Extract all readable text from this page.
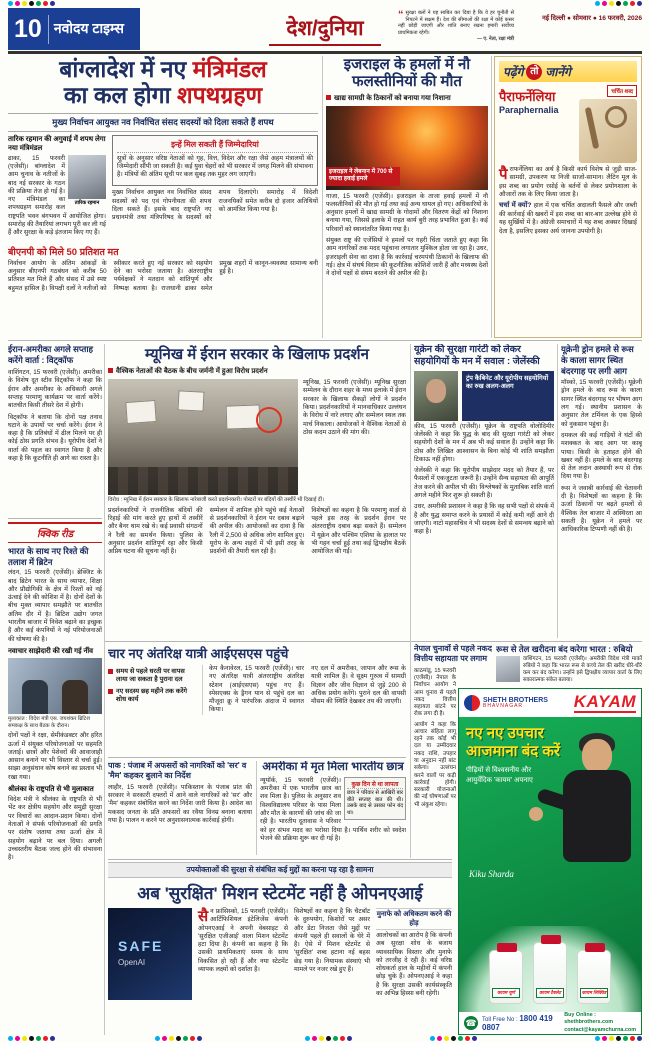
10 नवोदय टाइम्स	देश/दुनिया
“ सुरक्षा बलों ने यह साबित कर दिया है कि वे हर चुनौती से निपटने में सक्षम हैं। देश की सीमाओं की रक्षा में कोई कसर नहीं छोड़ी जाएगी और शांति बनाए रखना हमारी सर्वोच्च प्राथमिकता रहेगी।
— ए. नेता, रक्षा मंत्री
नई दिल्ली ● सोमवार ● 16 फरवरी, 2026
बांग्लादेश में नए मंत्रिमंडल
का कल होगा शपथग्रहण
मुख्य निर्वाचन आयुक्त नव निर्वाचित संसद सदस्यों को दिला सकते हैं शपथ

तारिक रहमान की अगुवाई में शपथ लेगा नया मंत्रिमंडल

तारिक रहमान

ढाका, 15 फरवरी (एजेंसी)। बांग्लादेश में आम चुनाव के नतीजों के बाद नई सरकार के गठन की प्रक्रिया तेज हो गई है। नए मंत्रिमंडल का शपथग्रहण समारोह कल राष्ट्रपति भवन बंगभवन में आयोजित होगा। समारोह की तैयारियां लगभग पूरी कर ली गई हैं और सुरक्षा के कड़े इंतजाम किए गए हैं।

इन्हें मिल सकती हैं जिम्मेदारियां

सूत्रों के अनुसार वरिष्ठ नेताओं को गृह, वित्त, विदेश और रक्षा जैसे अहम मंत्रालयों की जिम्मेदारी सौंपी जा सकती है। कई युवा चेहरों को भी सरकार में जगह मिलने की संभावना है। मंत्रियों की अंतिम सूची पर कल सुबह तक मुहर लग जाएगी।

मुख्य निर्वाचन आयुक्त नव निर्वाचित संसद सदस्यों को पद एवं गोपनीयता की शपथ दिला सकते हैं। इसके बाद राष्ट्रपति नए प्रधानमंत्री तथा मंत्रिपरिषद के सदस्यों को शपथ दिलाएंगे। समारोह में विदेशी राजनयिकों समेत करीब दो हजार अतिथियों को आमंत्रित किया गया है।

बीएनपी को मिले 50 प्रतिशत मत

निर्वाचन आयोग के अंतिम आंकड़ों के अनुसार बीएनपी गठबंधन को करीब 50 प्रतिशत मत मिले हैं और संसद में उसे स्पष्ट बहुमत हासिल है। विपक्षी दलों ने नतीजों को स्वीकार करते हुए नई सरकार को सहयोग देने का भरोसा जताया है। अंतरराष्ट्रीय पर्यवेक्षकों ने मतदान को शांतिपूर्ण और निष्पक्ष बताया है। राजधानी ढाका समेत प्रमुख शहरों में कानून-व्यवस्था सामान्य बनी हुई है।

इजराइल के हमलों में नौ फलस्तीनियों की मौत
खाद्य सामग्री के ठिकानों को बनाया गया निशाना
इजराइल ने लेबनान में 700 से ज्यादा हवाई हमले

गाजा, 15 फरवरी (एजेंसी)। इजराइल के ताजा हवाई हमलों में नौ फलस्तीनियों की मौत हो गई तथा कई अन्य घायल हो गए। अधिकारियों के अनुसार हमलों में खाद्य सामग्री के गोदामों और वितरण केंद्रों को निशाना बनाया गया, जिससे इलाके में राहत कार्य बुरी तरह प्रभावित हुआ है। कई परिवारों को स्थानांतरित किया गया है।

संयुक्त राष्ट्र की एजेंसियों ने हमलों पर गहरी चिंता जताते हुए कहा कि आम नागरिकों तक मदद पहुंचाना लगातार मुश्किल होता जा रहा है। उधर, इजराइली सेना का दावा है कि कार्रवाई चरमपंथी ठिकानों के खिलाफ की गई। क्षेत्र में संघर्ष विराम की कूटनीतिक कोशिशें जारी हैं और मध्यस्थ देशों ने दोनों पक्षों से संयम बरतने की अपील की है।

पढ़ेंगे तो जानेंगे
पैराफर्नेलिया
Paraphernalia
चर्चित शब्द

पैराफर्नेलिया का अर्थ है किसी कार्य विशेष से जुड़ी साज-सामग्री, उपकरण या निजी साजो-सामान। लैटिन मूल के इस शब्द का प्रयोग रसोई के बर्तनों से लेकर प्रयोगशाला के औजारों तक के लिए किया जाता है।

चर्चा में क्यों? हाल में एक चर्चित अदालती फैसले और जब्ती की कार्रवाई की खबरों में इस शब्द का बार-बार उल्लेख होने से यह सुर्खियों में है। अंग्रेजी समाचारों में यह शब्द अक्सर दिखाई देता है, इसलिए इसका अर्थ जानना उपयोगी है।

ईरान-अमरीका अगले सप्ताह करेंगे वार्ता : विट्कॉफ

वाशिंगटन, 15 फरवरी (एजेंसी)। अमरीका के विशेष दूत स्टीव विट्कॉफ ने कहा कि ईरान और अमरीका के अधिकारी अगले सप्ताह परमाणु कार्यक्रम पर वार्ता करेंगे। बातचीत किसी तीसरे देश में होगी।

विट्कॉफ ने बताया कि दोनों पक्ष तनाव घटाने के उपायों पर चर्चा करेंगे। ईरान ने कहा है कि प्रतिबंधों में ढील मिलने पर ही कोई ठोस प्रगति संभव है। यूरोपीय देशों ने वार्ता की पहल का स्वागत किया है और कहा है कि कूटनीति ही आगे का रास्ता है।

क्विक रीड
भारत के साथ नए रिश्ते की तलाश में ब्रिटेन

लंदन, 15 फरवरी (एजेंसी)। ब्रेक्जिट के बाद ब्रिटेन भारत के साथ व्यापार, शिक्षा और प्रौद्योगिकी के क्षेत्र में रिश्तों को नई ऊंचाई देने की कोशिश में है। दोनों देशों के बीच मुक्त व्यापार समझौते पर बातचीत अंतिम दौर में है। ब्रिटिश उद्योग जगत भारतीय बाजार में निवेश बढ़ाने का इच्छुक है और कई कंपनियों ने नई परियोजनाओं की घोषणा की है।

नवाचार साझेदारी की रखी गई नींव
मुलाकात : विदेश मंत्री एस. जयशंकर ब्रिटिश समकक्ष के साथ बैठक के दौरान।

दोनों पक्षों ने रक्षा, सेमीकंडक्टर और हरित ऊर्जा में संयुक्त परियोजनाओं पर सहमति जताई। छात्रों और पेशेवरों की आवाजाही आसान बनाने पर भी विस्तार से चर्चा हुई। साझा अनुसंधान कोष बनाने का प्रस्ताव भी रखा गया।

श्रीलंका के राष्ट्रपति से भी मुलाकात

विदेश मंत्री ने श्रीलंका के राष्ट्रपति से भी भेंट कर क्षेत्रीय सहयोग और समुद्री सुरक्षा पर विचारों का आदान-प्रदान किया। दोनों नेताओं ने संपर्क परियोजनाओं की प्रगति पर संतोष जताया तथा ऊर्जा क्षेत्र में सहयोग बढ़ाने पर बल दिया। अगली उच्चस्तरीय बैठक जल्द होने की संभावना है।

म्यूनिख में ईरान सरकार के खिलाफ प्रदर्शन
वैश्विक नेताओं की बैठक के बीच जर्मनी में हुआ विरोध प्रदर्शन

म्यूनिख, 15 फरवरी (एजेंसी)। म्यूनिख सुरक्षा सम्मेलन के दौरान शहर के मध्य इलाके में ईरान सरकार के खिलाफ सैकड़ों लोगों ने प्रदर्शन किया। प्रदर्शनकारियों ने मानवाधिकार उल्लंघन के विरोध में नारे लगाए और सम्मेलन स्थल तक मार्च निकाला। आयोजकों ने वैश्विक नेताओं से ठोस कदम उठाने की मांग की।

विरोध : म्यूनिख में ईरान सरकार के खिलाफ नारेबाजी करते प्रदर्शनकारी। पोस्टरों पर बंदियों की तस्वीरें भी दिखाई दीं।

प्रदर्शनकारियों ने राजनीतिक बंदियों की रिहाई की मांग करते हुए हाथों में तस्वीरें और बैनर थाम रखे थे। कई प्रवासी संगठनों ने रैली का समर्थन किया। पुलिस के अनुसार प्रदर्शन शांतिपूर्ण रहा और किसी अप्रिय घटना की सूचना नहीं है।

सम्मेलन में शामिल होने पहुंचे कई नेताओं से प्रदर्शनकारियों ने ईरान पर दबाव बढ़ाने की अपील की। आयोजकों का दावा है कि रैली में 2,500 से अधिक लोग शामिल हुए। यूरोप के अन्य शहरों में भी इसी तरह के प्रदर्शनों की तैयारी चल रही है।

विशेषज्ञों का कहना है कि परमाणु वार्ता से पहले इस तरह के प्रदर्शन ईरान पर अंतरराष्ट्रीय दबाव बढ़ा सकते हैं। सम्मेलन में यूक्रेन और पश्चिम एशिया के हालात पर भी गहन चर्चा हुई तथा कई द्विपक्षीय बैठकें आयोजित की गईं।

यूक्रेन की सुरक्षा गारंटी को लेकर सहयोगियों के मन में सवाल : जेलेंस्की
ट्रंप कैबिनेट और यूरोपीय सहयोगियों का रुख अलग-अलग

कीव, 15 फरवरी (एजेंसी)। यूक्रेन के राष्ट्रपति वोलोदिमीर जेलेंस्की ने कहा कि युद्ध के बाद की सुरक्षा गारंटी को लेकर सहयोगी देशों के मन में अब भी कई सवाल हैं। उन्होंने कहा कि ठोस और लिखित आश्वासन के बिना कोई भी शांति समझौता टिकाऊ नहीं होगा।

जेलेंस्की ने कहा कि यूरोपीय साझेदार मदद को तैयार हैं, पर फैसलों में एकजुटता जरूरी है। उन्होंने सैन्य सहायता की आपूर्ति तेज करने की अपील भी की। विश्लेषकों के मुताबिक शांति वार्ता अगले महीने फिर शुरू हो सकती है।

उधर, अमरीकी प्रशासन ने कहा है कि वह सभी पक्षों से संपर्क में है और युद्ध समाप्त करने के प्रयासों में कोई कमी नहीं आने दी जाएगी। नाटो महासचिव ने भी सदस्य देशों से समन्वय बढ़ाने को कहा है।

यूक्रेनी ड्रोन हमले से रूस के काला सागर स्थित बंदरगाह पर लगी आग

मॉस्को, 15 फरवरी (एजेंसी)। यूक्रेनी ड्रोन हमले के बाद रूस के काला सागर स्थित बंदरगाह पर भीषण आग लग गई। स्थानीय प्रशासन के अनुसार तेल टर्मिनल के एक हिस्से को नुकसान पहुंचा है।

दमकल की कई गाड़ियों ने घंटों की मशक्कत के बाद आग पर काबू पाया। किसी के हताहत होने की खबर नहीं है। हमले के बाद बंदरगाह से तेल लदान अस्थायी रूप से रोक दिया गया है।

रूस ने जवाबी कार्रवाई की चेतावनी दी है। विशेषज्ञों का कहना है कि ऊर्जा ठिकानों पर बढ़ते हमलों से वैश्विक तेल बाजार में अस्थिरता आ सकती है। यूक्रेन ने हमले पर आधिकारिक टिप्पणी नहीं की है।

चार नए अंतरिक्ष यात्री आईएसएस पहुंचे
समय से पहले धरती पर वापस लाया जा सकता है पुराना दल
नए सदस्य छह महीने तक करेंगे शोध कार्य

केप कैनावेरल, 15 फरवरी (एजेंसी)। चार नए अंतरिक्ष यात्री अंतरराष्ट्रीय अंतरिक्ष स्टेशन (आईएसएस) पहुंच गए हैं। स्पेसएक्स के ड्रैगन यान से पहुंचे दल का मौजूदा क्रू ने पारंपरिक अंदाज में स्वागत किया।

नए दल में अमरीका, जापान और रूस के यात्री शामिल हैं। वे सूक्ष्म गुरुत्व में सामग्री विज्ञान और जीव विज्ञान से जुड़े 200 से अधिक प्रयोग करेंगे। पुराने दल की वापसी मौसम की स्थिति देखकर तय की जाएगी।

नेपाल चुनावों से पहले नकद वित्तीय सहायता पर लगाम

काठमांडू, 15 फरवरी (एजेंसी)। नेपाल के निर्वाचन आयोग ने आम चुनाव से पहले नकद वित्तीय सहायता बांटने पर रोक लगा दी है।

आयोग ने कहा कि आचार संहिता लागू रहने तक कोई भी दल या उम्मीदवार नकद राशि, उपहार या अनुदान नहीं बांट सकेगा। उल्लंघन करने वालों पर कड़ी कार्रवाई होगी। सरकारी योजनाओं की नई घोषणाओं पर भी अंकुश रहेगा।

रूस से तेल खरीदना बंद करेगा भारत : रुबियो

वाशिंगटन, 15 फरवरी (एजेंसी)। अमरीकी विदेश मंत्री मार्को रुबियो ने कहा कि भारत रूस से कच्चे तेल की खरीद धीरे-धीरे कम कर बंद करेगा। उन्होंने इसे द्विपक्षीय व्यापार वार्ता के लिए सकारात्मक संकेत बताया।

पाक : पंजाब में अफसरों को नागरिकों को 'सर' व 'मैम' कहकर बुलाने का निर्देश

लाहौर, 15 फरवरी (एजेंसी)। पाकिस्तान के पंजाब प्रांत की सरकार ने सरकारी दफ्तरों में आने वाले नागरिकों को 'सर' और 'मैम' कहकर संबोधित करने का निर्देश जारी किया है। आदेश का मकसद जनता के प्रति अफसरों का रवैया विनम्र बनाना बताया गया है। पालन न करने पर अनुशासनात्मक कार्रवाई होगी।

अमरीका में मृत मिला भारतीय छात्र
कुछ दिन से था लापता

छात्र ने परिवार से आखिरी बार बीते सप्ताह बात की थी। उसके बाद से उसका फोन बंद था।

न्यूयॉर्क, 15 फरवरी (एजेंसी)। अमरीका में एक भारतीय छात्र का शव मिला है। पुलिस के अनुसार शव विश्वविद्यालय परिसर के पास मिला और मौत के कारणों की जांच की जा रही है। भारतीय दूतावास ने परिवार को हर संभव मदद का भरोसा दिया है। पार्थिव शरीर को स्वदेश भेजने की प्रक्रिया शुरू कर दी गई है।

उपयोक्ताओं की सुरक्षा से संबंधित कई मुद्दों का करना पड़ रहा है सामना
अब 'सुरक्षित' मिशन स्टेटमेंट नहीं है ओपनएआई
SAFE
OpenAI

सैन फ्रांसिस्को, 15 फरवरी (एजेंसी)। आर्टिफिशियल इंटेलिजेंस कंपनी ओपनएआई ने अपनी वेबसाइट से 'सुरक्षित एजीआई' वाला मिशन स्टेटमेंट हटा दिया है। कंपनी का कहना है कि उसकी प्राथमिकताएं समय के साथ विकसित हो रही हैं और नया स्टेटमेंट व्यापक लक्ष्यों को दर्शाता है।

विशेषज्ञों का कहना है कि चैटबॉट के दुरुपयोग, किशोरों पर असर और डेटा निजता जैसे मुद्दों पर कंपनी पहले ही सवालों के घेरे में है। ऐसे में मिशन स्टेटमेंट से 'सुरक्षित' शब्द हटाना नई बहस छेड़ गया है। नियामक संस्थाएं भी मामले पर नजर रखे हुए हैं।

मुनाफे को अधिकतम करने की होड़

आलोचकों का आरोप है कि कंपनी अब सुरक्षा शोध के बजाय व्यावसायिक विस्तार और मुनाफे को तरजीह दे रही है। कई वरिष्ठ शोधकर्ता हाल के महीनों में कंपनी छोड़ चुके हैं। ओपनएआई ने कहा है कि सुरक्षा उसकी कार्यसंस्कृति का अभिन्न हिस्सा बनी रहेगी।

SHETH BROTHERS
BHAVNAGAR	KAYAM
नए नए उपचार
आजमाना बंद करें

पीढ़ियों से विश्वसनीय और आयुर्वेदिक 'कायम' अपनाए

Kiku Sharda
कायम चूर्ण	कायम टैबलेट	कायम लिक्विड
☎ Toll Free No : 1800 419 0807
Buy Online : shethbrothers.com
contact@kayamchurna.com
